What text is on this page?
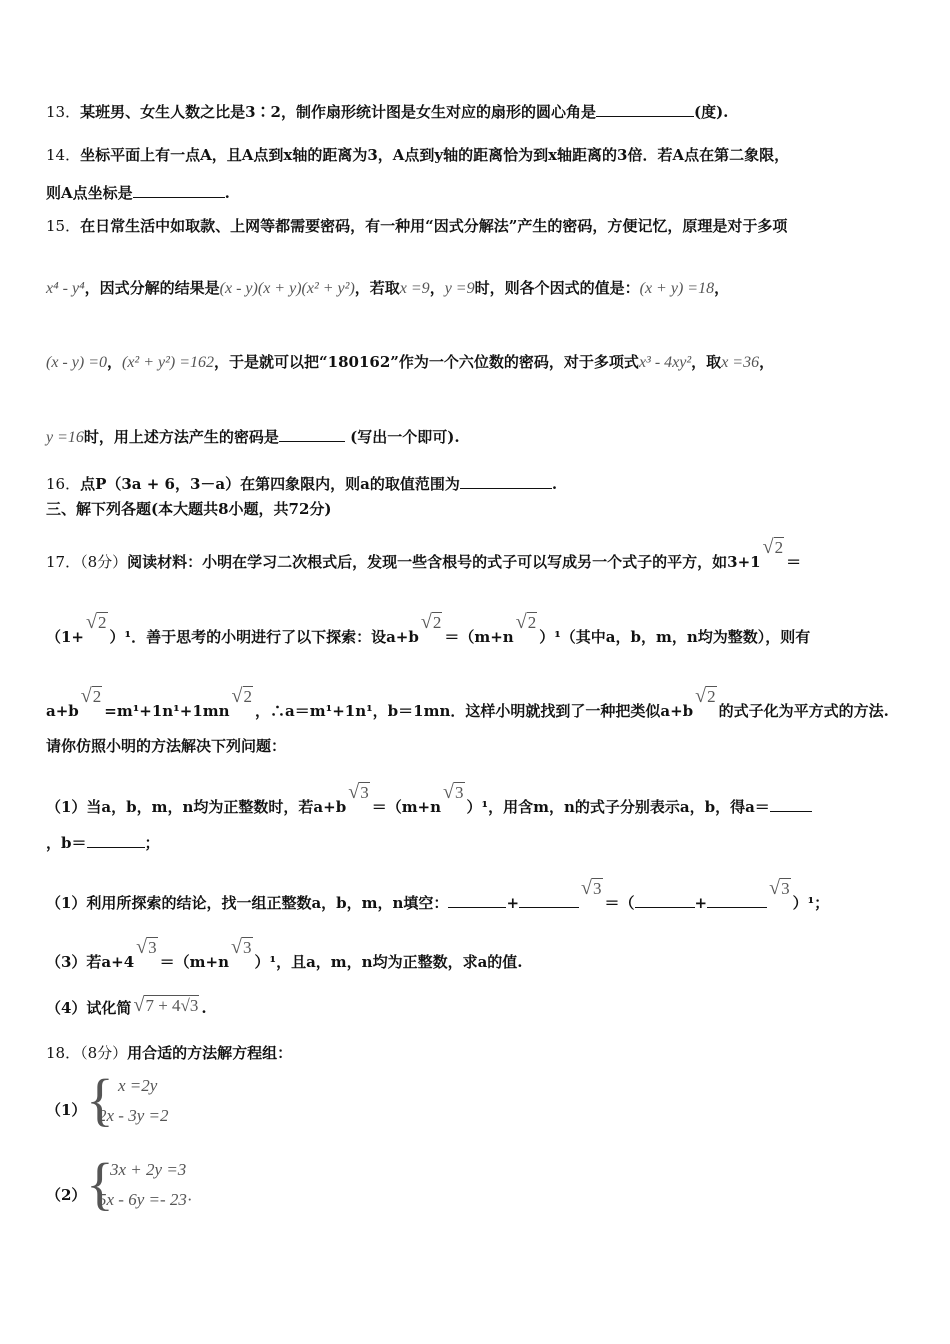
13．某班男、女生人数之比是3∶2，制作扇形统计图是女生对应的扇形的圆心角是	(度).
14．坐标平面上有一点A，且A点到x轴的距离为3，A点到y轴的距离恰为到x轴距离的3倍．若A点在第二象限，
则A点坐标是	.
15．在日常生活中如取款、上网等都需要密码，有一种用“因式分解法”产生的密码，方便记忆，原理是对于多项
x⁴ - y⁴，因式分解的结果是(x - y)(x + y)(x² + y²)，若取x =9，y =9时，则各个因式的值是：(x + y) =18，
(x - y) =0，(x² + y²) =162，于是就可以把“180162”作为一个六位数的密码，对于多项式x³ - 4xy²，取x =36，
y =16时，用上述方法产生的密码是	(写出一个即可).
16．点P（3a + 6，3－a）在第四象限内，则a的取值范围为	.
三、解下列各题(本大题共8小题，共72分)
17．（8分）阅读材料：小明在学习二次根式后，发现一些含根号的式子可以写成另一个式子的平方，如3+1√2＝
（1+√2）¹．善于思考的小明进行了以下探索：设a+b√2＝（m+n√2）¹（其中a，b，m，n均为整数），则有
a+b√2=m¹+1n¹+1mn√2，∴a＝m¹+1n¹，b＝1mn．这样小明就找到了一种把类似a+b√2的式子化为平方式的方法.
请你仿照小明的方法解决下列问题：
（1）当a，b，m，n均为正整数时，若a+b√3＝（m+n√3）¹，用含m，n的式子分别表示a，b，得a＝
，b＝	；
（1）利用所探索的结论，找一组正整数a，b，m，n填空：	+√3＝（	+√3）¹；
（3）若a+4√3＝（m+n√3）¹，且a，m，n均为正整数，求a的值.
（4）试化简 √7 + 4√3 .
18．（8分）用合适的方法解方程组：
（1） { x =2y
2x - 3y =2
（2） {
3x + 2y =3
5x - 6y =- 23·
